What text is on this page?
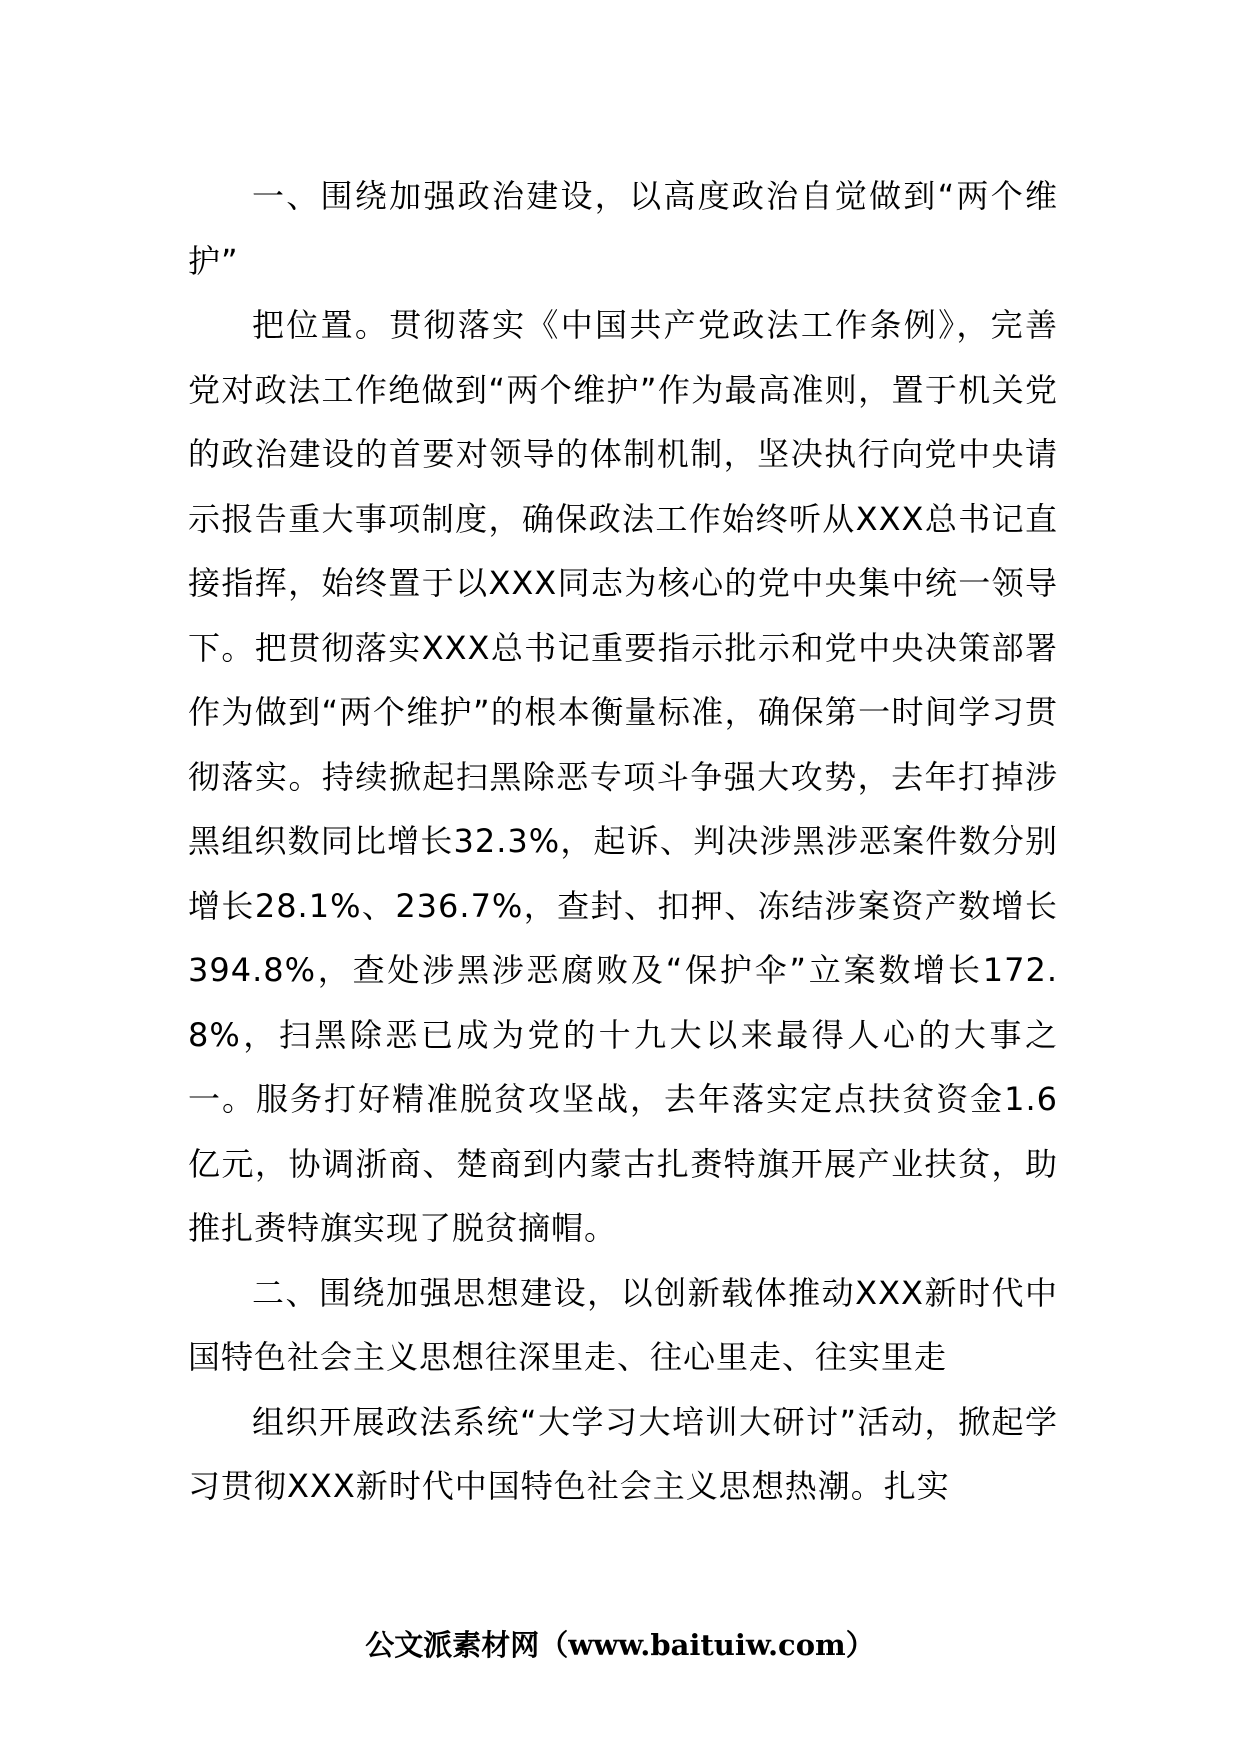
一、围绕加强政治建设，以高度政治自觉做到“两个维护”

把位置。贯彻落实《中国共产党政法工作条例》，完善党对政法工作绝做到“两个维护”作为最高准则，置于机关党的政治建设的首要对领导的体制机制，坚决执行向党中央请示报告重大事项制度，确保政法工作始终听从XXX总书记直接指挥，始终置于以XXX同志为核心的党中央集中统一领导下。把贯彻落实XXX总书记重要指示批示和党中央决策部署作为做到“两个维护”的根本衡量标准，确保第一时间学习贯彻落实。持续掀起扫黑除恶专项斗争强大攻势，去年打掉涉黑组织数同比增长32.3%，起诉、判决涉黑涉恶案件数分别增长28.1%、236.7%，查封、扣押、冻结涉案资产数增长394.8%，查处涉黑涉恶腐败及“保护伞”立案数增长172.8%，扫黑除恶已成为党的十九大以来最得人心的大事之一。服务打好精准脱贫攻坚战，去年落实定点扶贫资金1.6亿元，协调浙商、楚商到内蒙古扎赉特旗开展产业扶贫，助推扎赉特旗实现了脱贫摘帽。

二、围绕加强思想建设，以创新载体推动XXX新时代中国特色社会主义思想往深里走、往心里走、往实里走

组织开展政法系统“大学习大培训大研讨”活动，掀起学习贯彻XXX新时代中国特色社会主义思想热潮。扎实

公文派素材网（www.baituiw.com）
